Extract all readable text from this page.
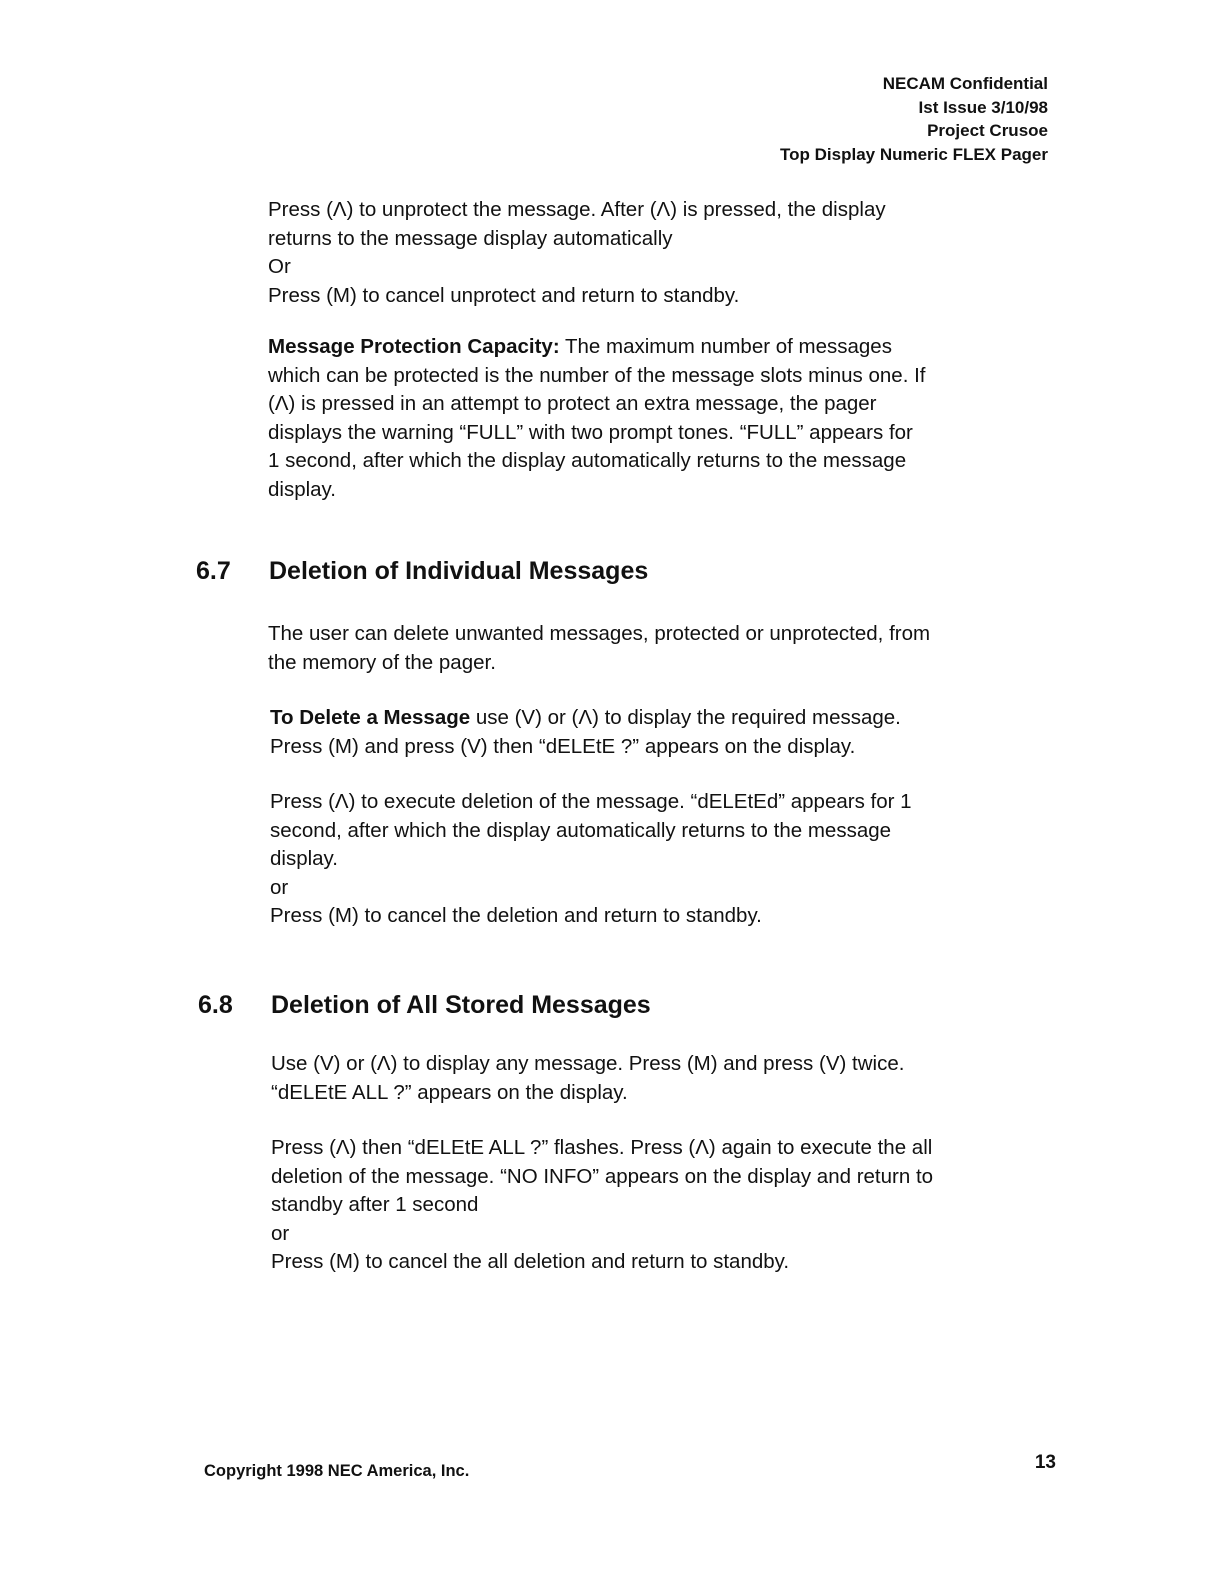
NECAM Confidential
Ist Issue 3/10/98
Project Crusoe
Top Display Numeric FLEX Pager

Press (Λ) to unprotect the message. After (Λ) is pressed, the display

returns to the message display automatically

Or

Press (M) to cancel unprotect and return to standby.

Message Protection Capacity: The maximum number of messages

which can be protected is the number of the message slots minus one. If

(Λ) is pressed in an attempt to protect an extra message, the pager

displays the warning “FULL” with two prompt tones. “FULL” appears for

1 second, after which the display automatically returns to the message

display.

6.7 Deletion of Individual Messages

The user can delete unwanted messages, protected or unprotected, from

the memory of the pager.

To Delete a Message use (V) or (Λ) to display the required message.

Press (M) and press (V) then “dELEtE ?” appears on the display.

Press (Λ) to execute deletion of the message. “dELEtEd” appears for 1

second, after which the display automatically returns to the message

display.

or

Press (M) to cancel the deletion and return to standby.

6.8 Deletion of All Stored Messages

Use (V) or (Λ) to display any message. Press (M) and press (V) twice.

“dELEtE ALL ?” appears on the display.

Press (Λ) then “dELEtE ALL ?” flashes. Press (Λ) again to execute the all

deletion of the message. “NO INFO” appears on the display and return to

standby after 1 second

or

Press (M) to cancel the all deletion and return to standby.

Copyright 1998 NEC America, Inc.	13
